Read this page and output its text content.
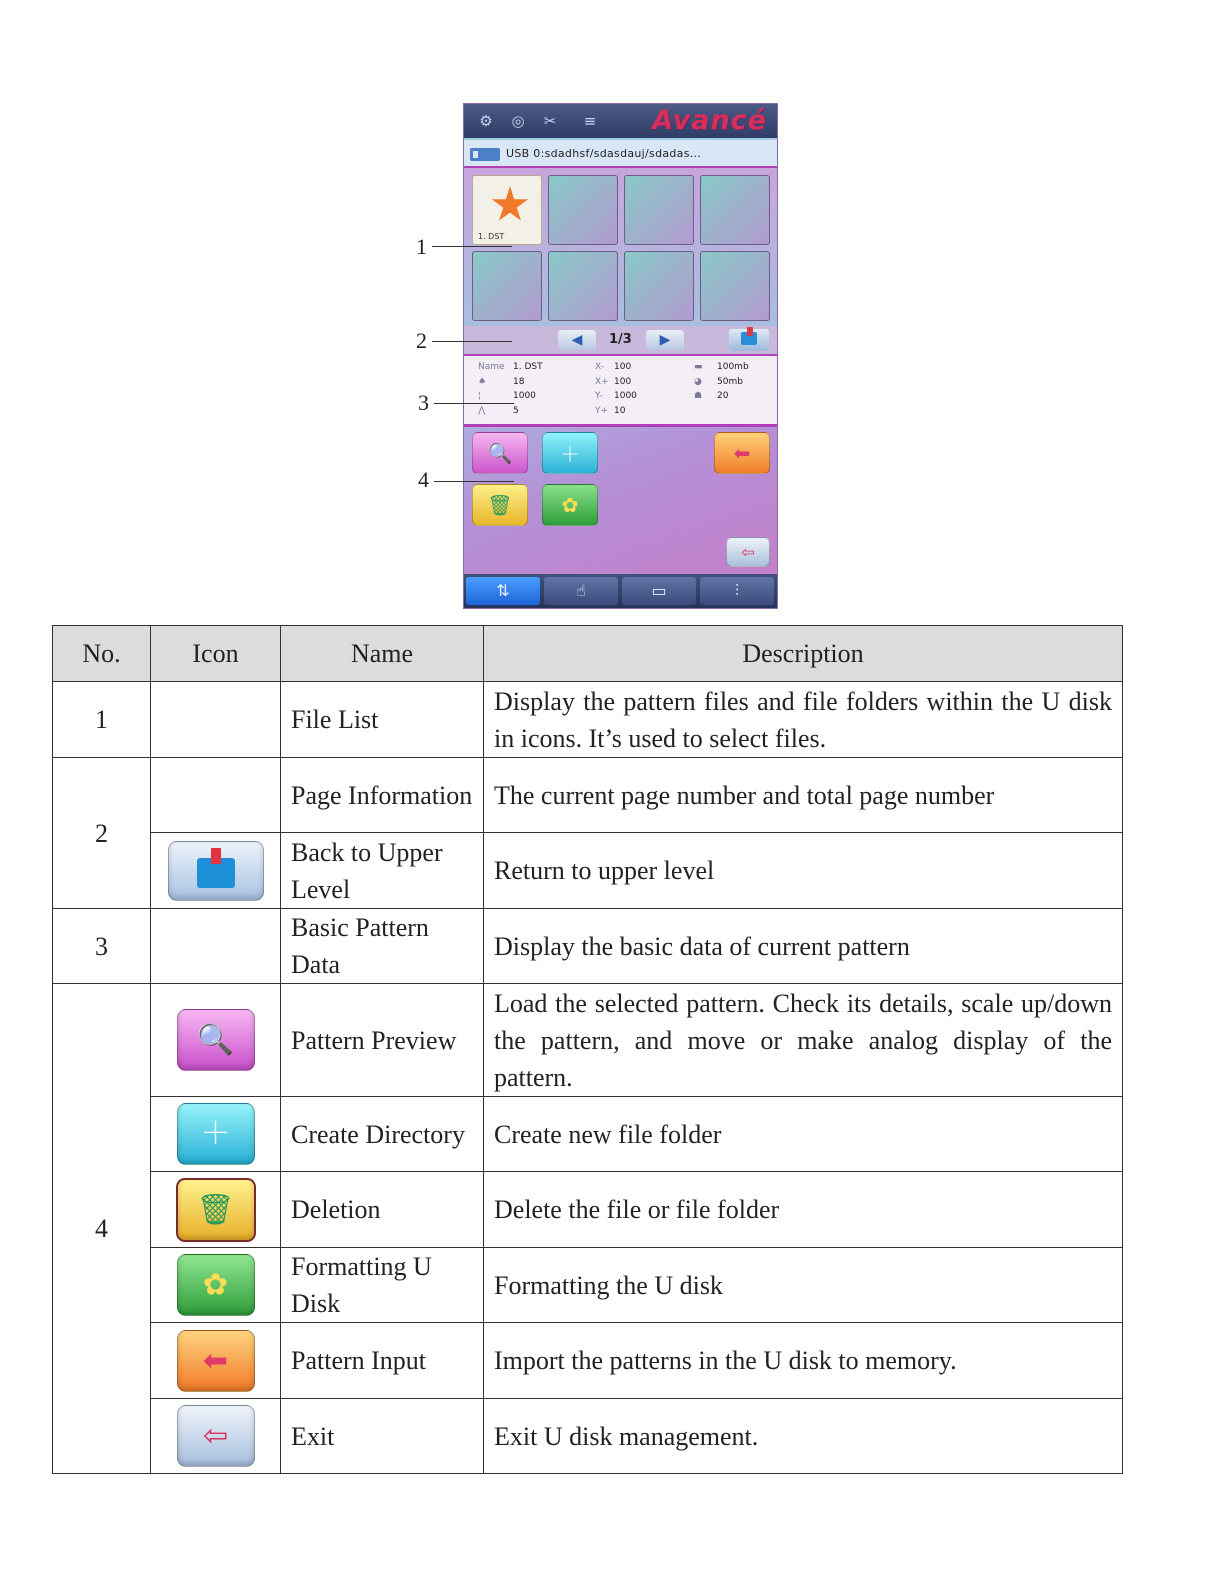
⚙ ◎ ✂ ≡ Avancé
USB 0:sdadhsf/sdasdauj/sdadas...
1. DST
◀	1/3	▶
Name
♠
¦
⋀
1. DST
18
1000
5
X-
X+
Y-
Y+
100
100
1000
10
▬
◕
☗
100mb
50mb
20
🔍 ＋	⬅
🗑 ✿
⇦
⇅	☝	▭	⫶
1
2
3
4
No.	Icon	Name	Description
1		File List	Display the pattern files and file folders within the U disk in icons. It’s used to select files.
2		Page Information	The current page number and total page number

		Back to Upper Level	Return to upper level
3		Basic Pattern Data	Display the basic data of current pattern
4	🔍	Pattern Preview	Load the selected pattern. Check its details, scale up/down the pattern, and move or make analog display of the pattern.

	＋	Create Directory	Create new file folder

	🗑	Deletion	Delete the file or file folder

	✿	Formatting U Disk	Formatting the U disk

	⬅	Pattern Input	Import the patterns in the U disk to memory.

	⇦	Exit	Exit U disk management.
